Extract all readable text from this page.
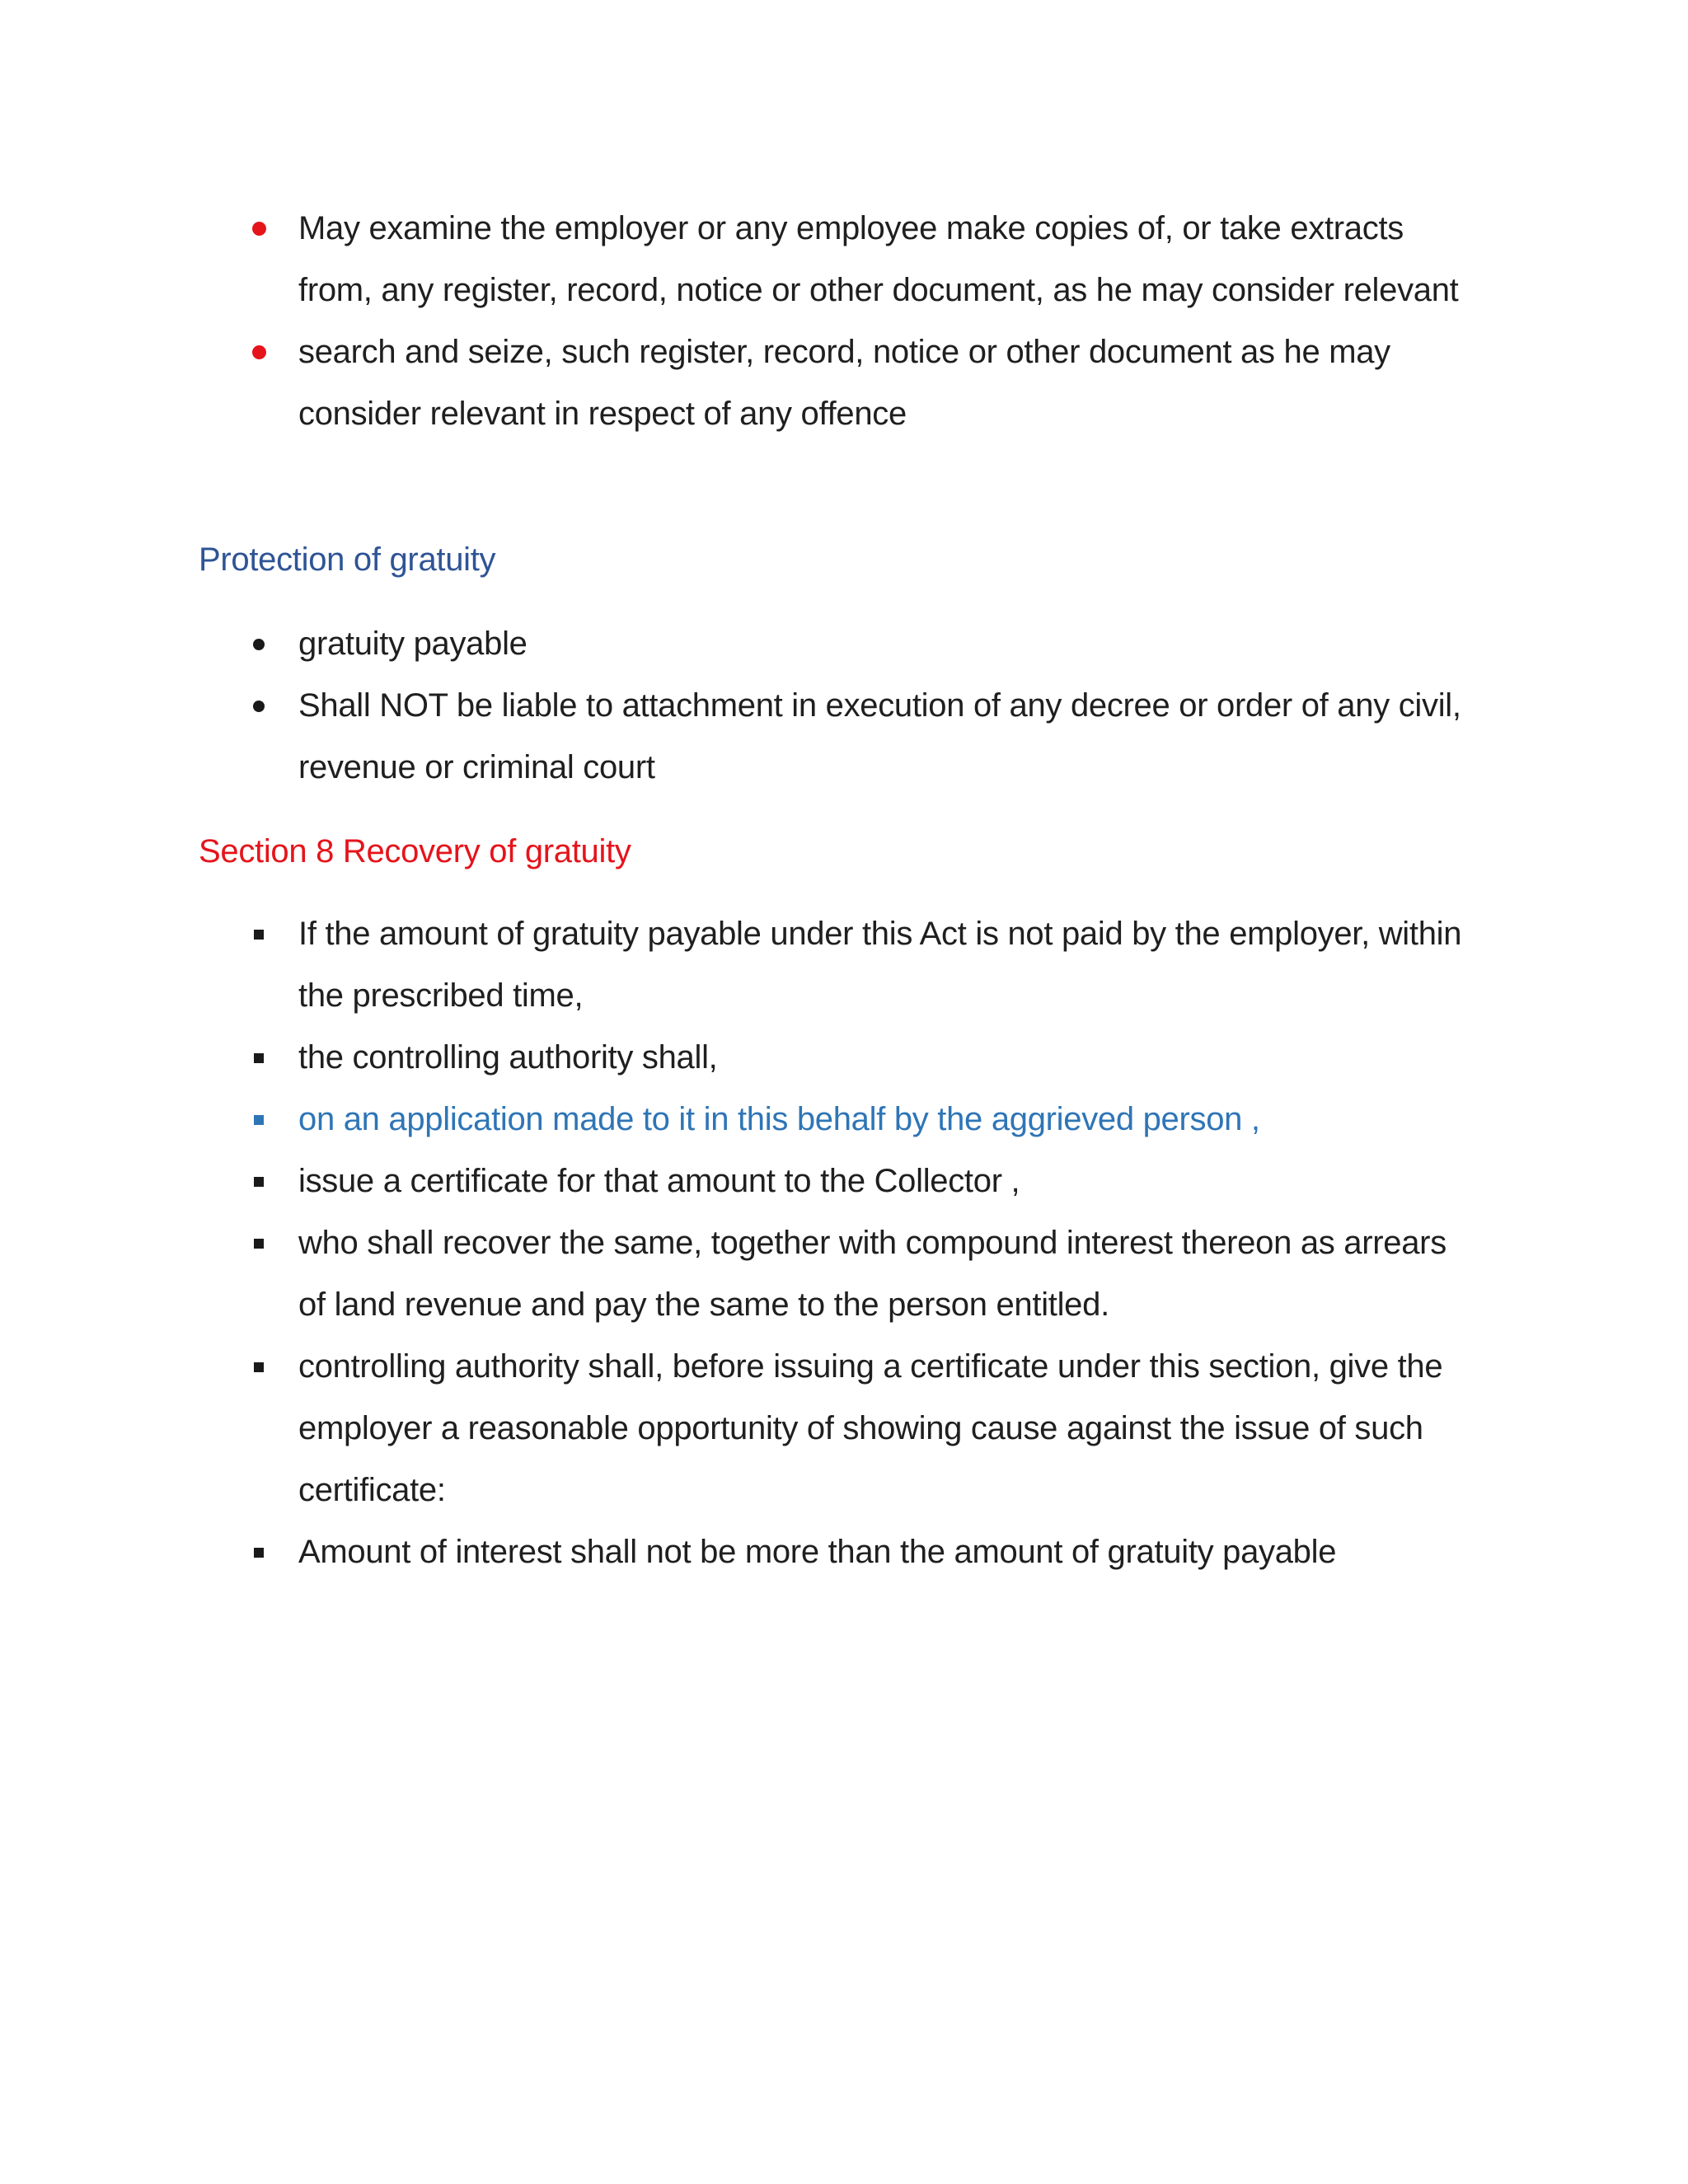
May examine the employer or any employee make copies of, or take extracts from, any register, record, notice or other document, as he may consider relevant
search and seize, such register, record, notice or other document as he may consider relevant in respect of any offence
Protection of gratuity
gratuity payable
Shall NOT be liable to attachment in execution of any decree or order of any civil, revenue or criminal court
Section 8 Recovery of gratuity
If the amount of gratuity payable under this Act is not paid by the employer, within the prescribed time,
the controlling authority shall,
on an application made to it in this behalf by the aggrieved person ,
issue a certificate for that amount to the Collector ,
who shall recover the same, together with compound interest thereon as arrears of land revenue and pay the same to the person entitled.
controlling authority shall, before issuing a certificate under this section, give the employer a reasonable opportunity of showing cause against the issue of such certificate:
Amount of interest shall not be more than the amount of gratuity payable
